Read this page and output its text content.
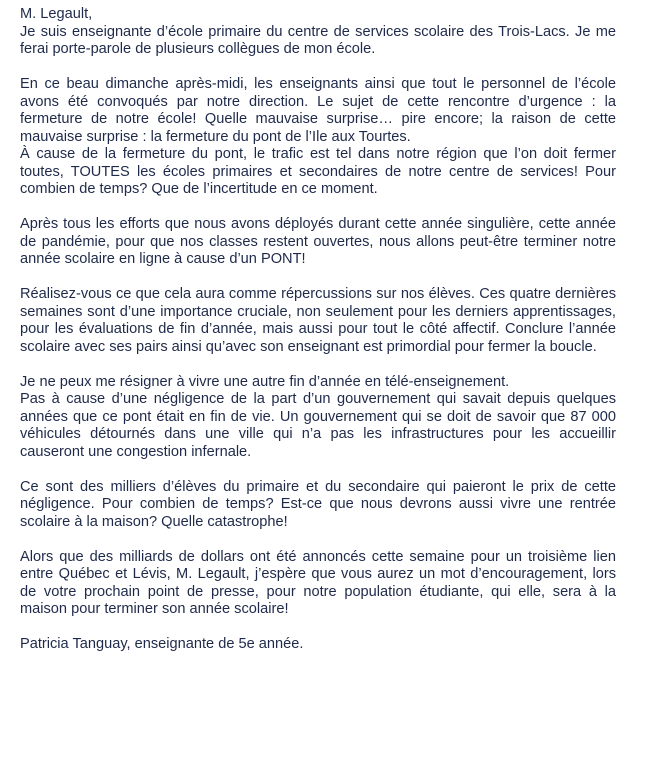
M. Legault,
Je suis enseignante d’école primaire du centre de services scolaire des Trois-Lacs. Je me ferai porte-parole de plusieurs collègues de mon école.
En ce beau dimanche après-midi, les enseignants ainsi que tout le personnel de l’école avons été convoqués par notre direction. Le sujet de cette rencontre d’urgence : la fermeture de notre école! Quelle mauvaise surprise… pire encore; la raison de cette mauvaise surprise : la fermeture du pont de l’Ile aux Tourtes.
À cause de la fermeture du pont, le trafic est tel dans notre région que l’on doit fermer toutes, TOUTES les écoles primaires et secondaires de notre centre de services! Pour combien de temps? Que de l’incertitude en ce moment.
Après tous les efforts que nous avons déployés durant cette année singulière, cette année de pandémie, pour que nos classes restent ouvertes, nous allons peut-être terminer notre année scolaire en ligne à cause d’un PONT!
Réalisez-vous ce que cela aura comme répercussions sur nos élèves. Ces quatre dernières semaines sont d’une importance cruciale, non seulement pour les derniers apprentissages, pour les évaluations de fin d’année, mais aussi pour tout le côté affectif. Conclure l’année scolaire avec ses pairs ainsi qu’avec son enseignant est primordial pour fermer la boucle.
Je ne peux me résigner à vivre une autre fin d’année en télé-enseignement.
Pas à cause d’une négligence de la part d’un gouvernement qui savait depuis quelques années que ce pont était en fin de vie. Un gouvernement qui se doit de savoir que 87 000 véhicules détournés dans une ville qui n’a pas les infrastructures pour les accueillir causeront une congestion infernale.
Ce sont des milliers d’élèves du primaire et du secondaire qui paieront le prix de cette négligence. Pour combien de temps? Est-ce que nous devrons aussi vivre une rentrée scolaire à la maison? Quelle catastrophe!
Alors que des milliards de dollars ont été annoncés cette semaine pour un troisième lien entre Québec et Lévis, M. Legault, j’espère que vous aurez un mot d’encouragement, lors de votre prochain point de presse, pour notre population étudiante, qui elle, sera à la maison pour terminer son année scolaire!
Patricia Tanguay, enseignante de 5e année.
